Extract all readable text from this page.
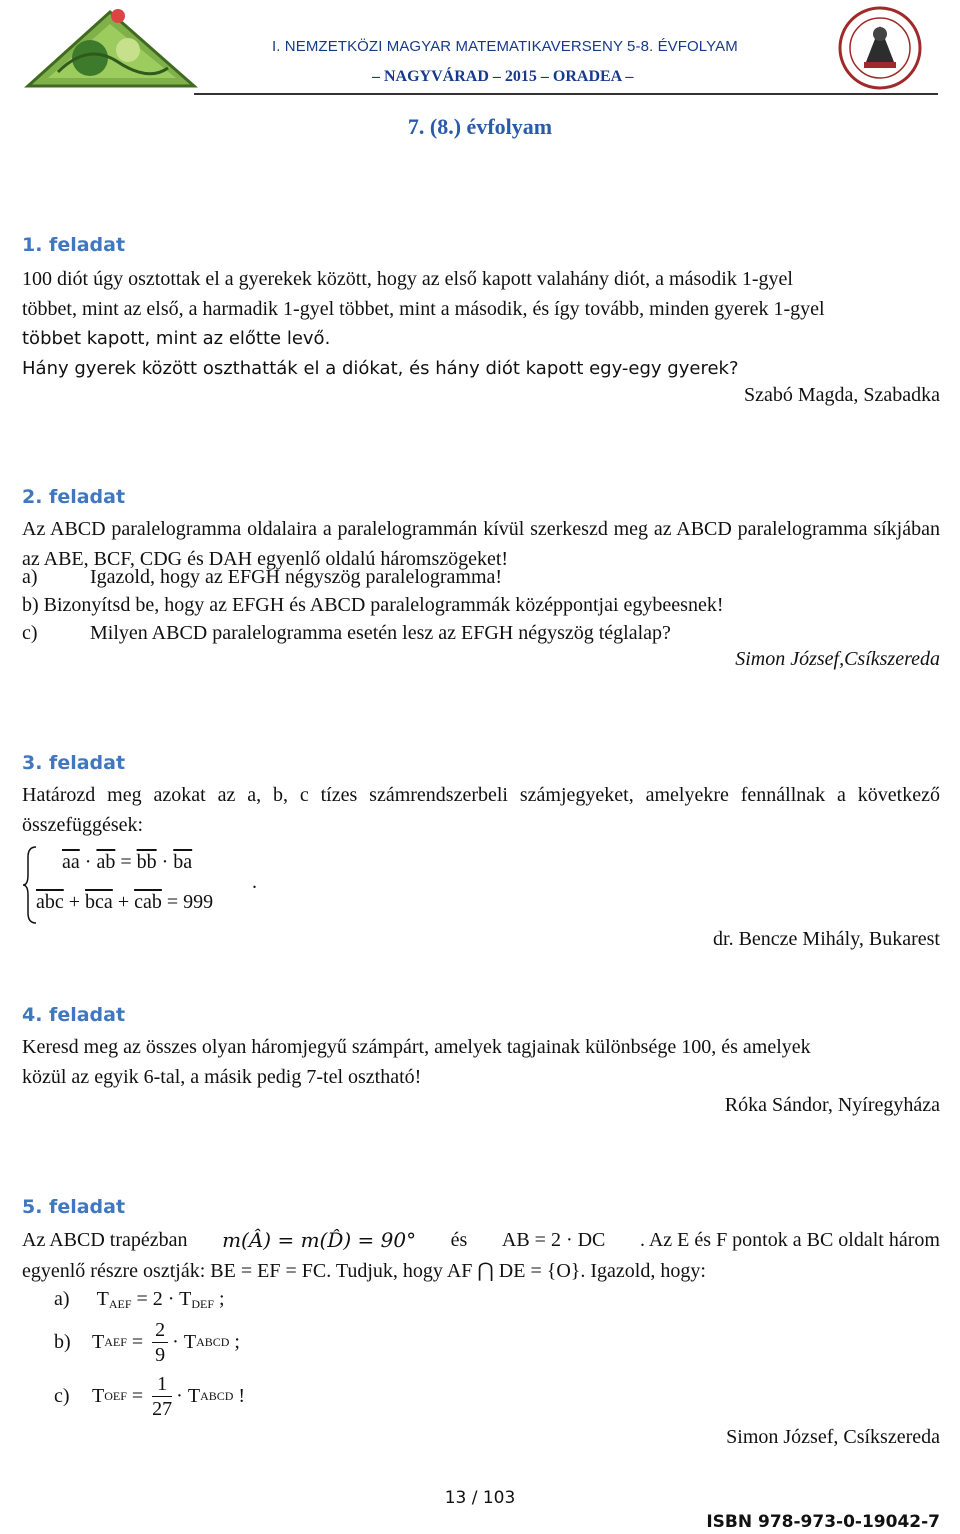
I. NEMZETKÖZI MAGYAR MATEMATIKAVERSENY 5-8. ÉVFOLYAM
– NAGYVÁRAD – 2015 – ORADEA –
7. (8.) évfolyam
1. feladat
100 diót úgy osztottak el a gyerekek között, hogy az első kapott valahány diót, a második 1-gyel
többet, mint az első, a harmadik 1-gyel többet, mint a második, és így tovább, minden gyerek 1-gyel
többet kapott, mint az előtte levő.
Hány gyerek között oszthatták el a diókat, és hány diót kapott egy-egy gyerek?
Szabó Magda, Szabadka
2. feladat
Az ABCD paralelogramma oldalaira a paralelogrammán kívül szerkeszd meg az ABCD paralelogramma síkjában az ABE, BCF, CDG és DAH egyenlő oldalú háromszögeket!
a)	Igazold, hogy az EFGH négyszög paralelogramma!
b) Bizonyítsd be, hogy az EFGH és ABCD paralelogrammák középpontjai egybeesnek!
c)	Milyen ABCD paralelogramma esetén lesz az EFGH négyszög téglalap?
Simon József,Csíkszereda
3. feladat
Határozd meg azokat az a, b, c tízes számrendszerbeli számjegyeket, amelyekre fennállnak a következő összefüggések:
$\overline{aa} \cdot \overline{ab} = \overline{bb} \cdot \overline{ba}$
$\overline{abc} + \overline{bca} + \overline{cab} = 999$
.
dr. Bencze Mihály, Bukarest
4. feladat
Keresd meg az összes olyan háromjegyű számpárt, amelyek tagjainak különbsége 100, és amelyek
közül az egyik 6-tal, a másik pedig 7-tel osztható!
Róka Sándor, Nyíregyháza
5. feladat
Az ABCD trapézban m(Â) = m(D̂) = 90° és AB = 2 · DC . Az E és F pontok a BC oldalt három
egyenlő részre osztják: BE = EF = FC. Tudjuk, hogy AF ⋂ DE = {O}. Igazold, hogy:
a) $T_{AEF} = 2 \cdot T_{DEF}$ ;
b)	T AEF = $\frac{2}{9} \cdot T$ ABCD ;
c)	T OEF = $\frac{1}{27} \cdot T$ ABCD !
Simon József, Csíkszereda
13 / 103
ISBN 978-973-0-19042-7
